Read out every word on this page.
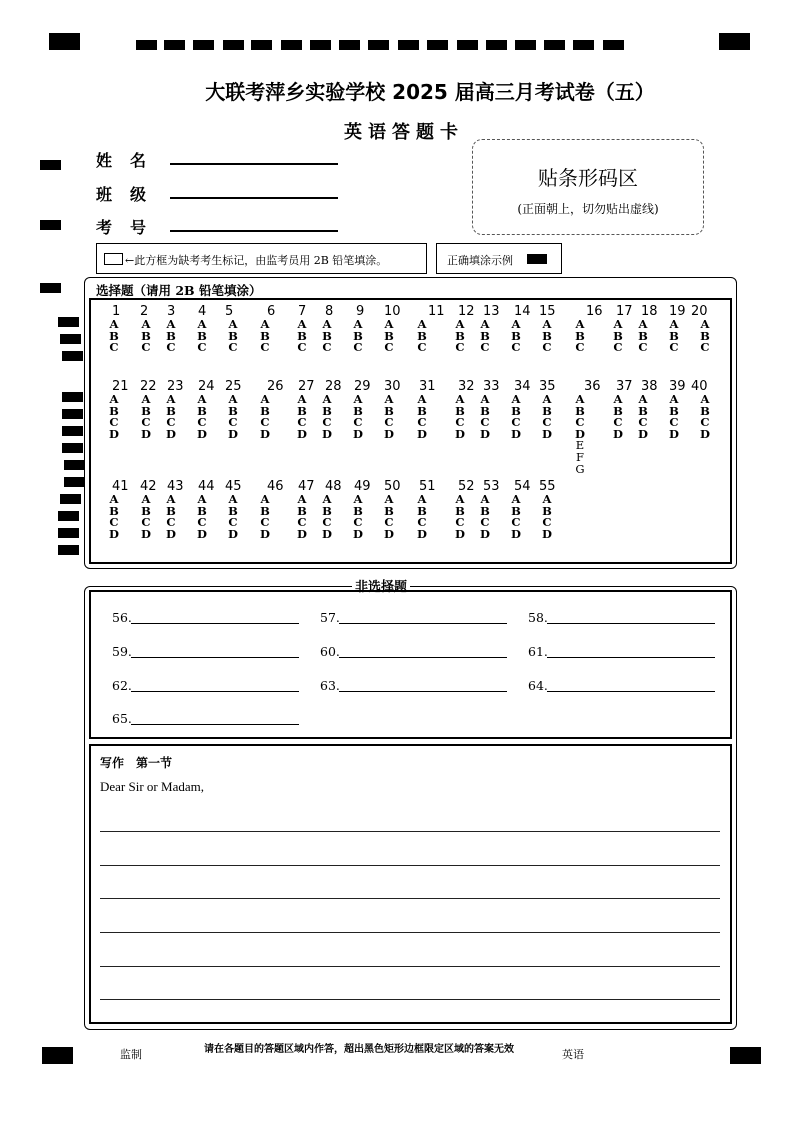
大联考萍乡实验学校 2025 届高三月考试卷（五）
英语答题卡
姓名
班级
考号
贴条形码区
(正面朝上，切勿贴出虚线)
←此方框为缺考考生标记，由监考员用 2B 铅笔填涂。	正确填涂示例
选择题（请用 2B 铅笔填涂）
1
A
B
C
2
A
B
C
3
A
B
C
4
A
B
C
5
A
B
C
6
A
B
C
7
A
B
C
8
A
B
C
9
A
B
C
10
A
B
C
11
A
B
C
12
A
B
C
13
A
B
C
14
A
B
C
15
A
B
C
16
A
B
C
17
A
B
C
18
A
B
C
19
A
B
C
20
A
B
C
21
A
B
C
D
22
A
B
C
D
23
A
B
C
D
24
A
B
C
D
25
A
B
C
D
26
A
B
C
D
27
A
B
C
D
28
A
B
C
D
29
A
B
C
D
30
A
B
C
D
31
A
B
C
D
32
A
B
C
D
33
A
B
C
D
34
A
B
C
D
35
A
B
C
D
36
A
B
C
D
E
F
G
37
A
B
C
D
38
A
B
C
D
39
A
B
C
D
40
A
B
C
D
41
A
B
C
D
42
A
B
C
D
43
A
B
C
D
44
A
B
C
D
45
A
B
C
D
46
A
B
C
D
47
A
B
C
D
48
A
B
C
D
49
A
B
C
D
50
A
B
C
D
51
A
B
C
D
52
A
B
C
D
53
A
B
C
D
54
A
B
C
D
55
A
B
C
D
非选择题
56.	57.	58.
59.	60.	61.
62.	63.	64.
65.
写作　第一节
Dear Sir or Madam,
监制	请在各题目的答题区域内作答，超出黑色矩形边框限定区域的答案无效	英语
